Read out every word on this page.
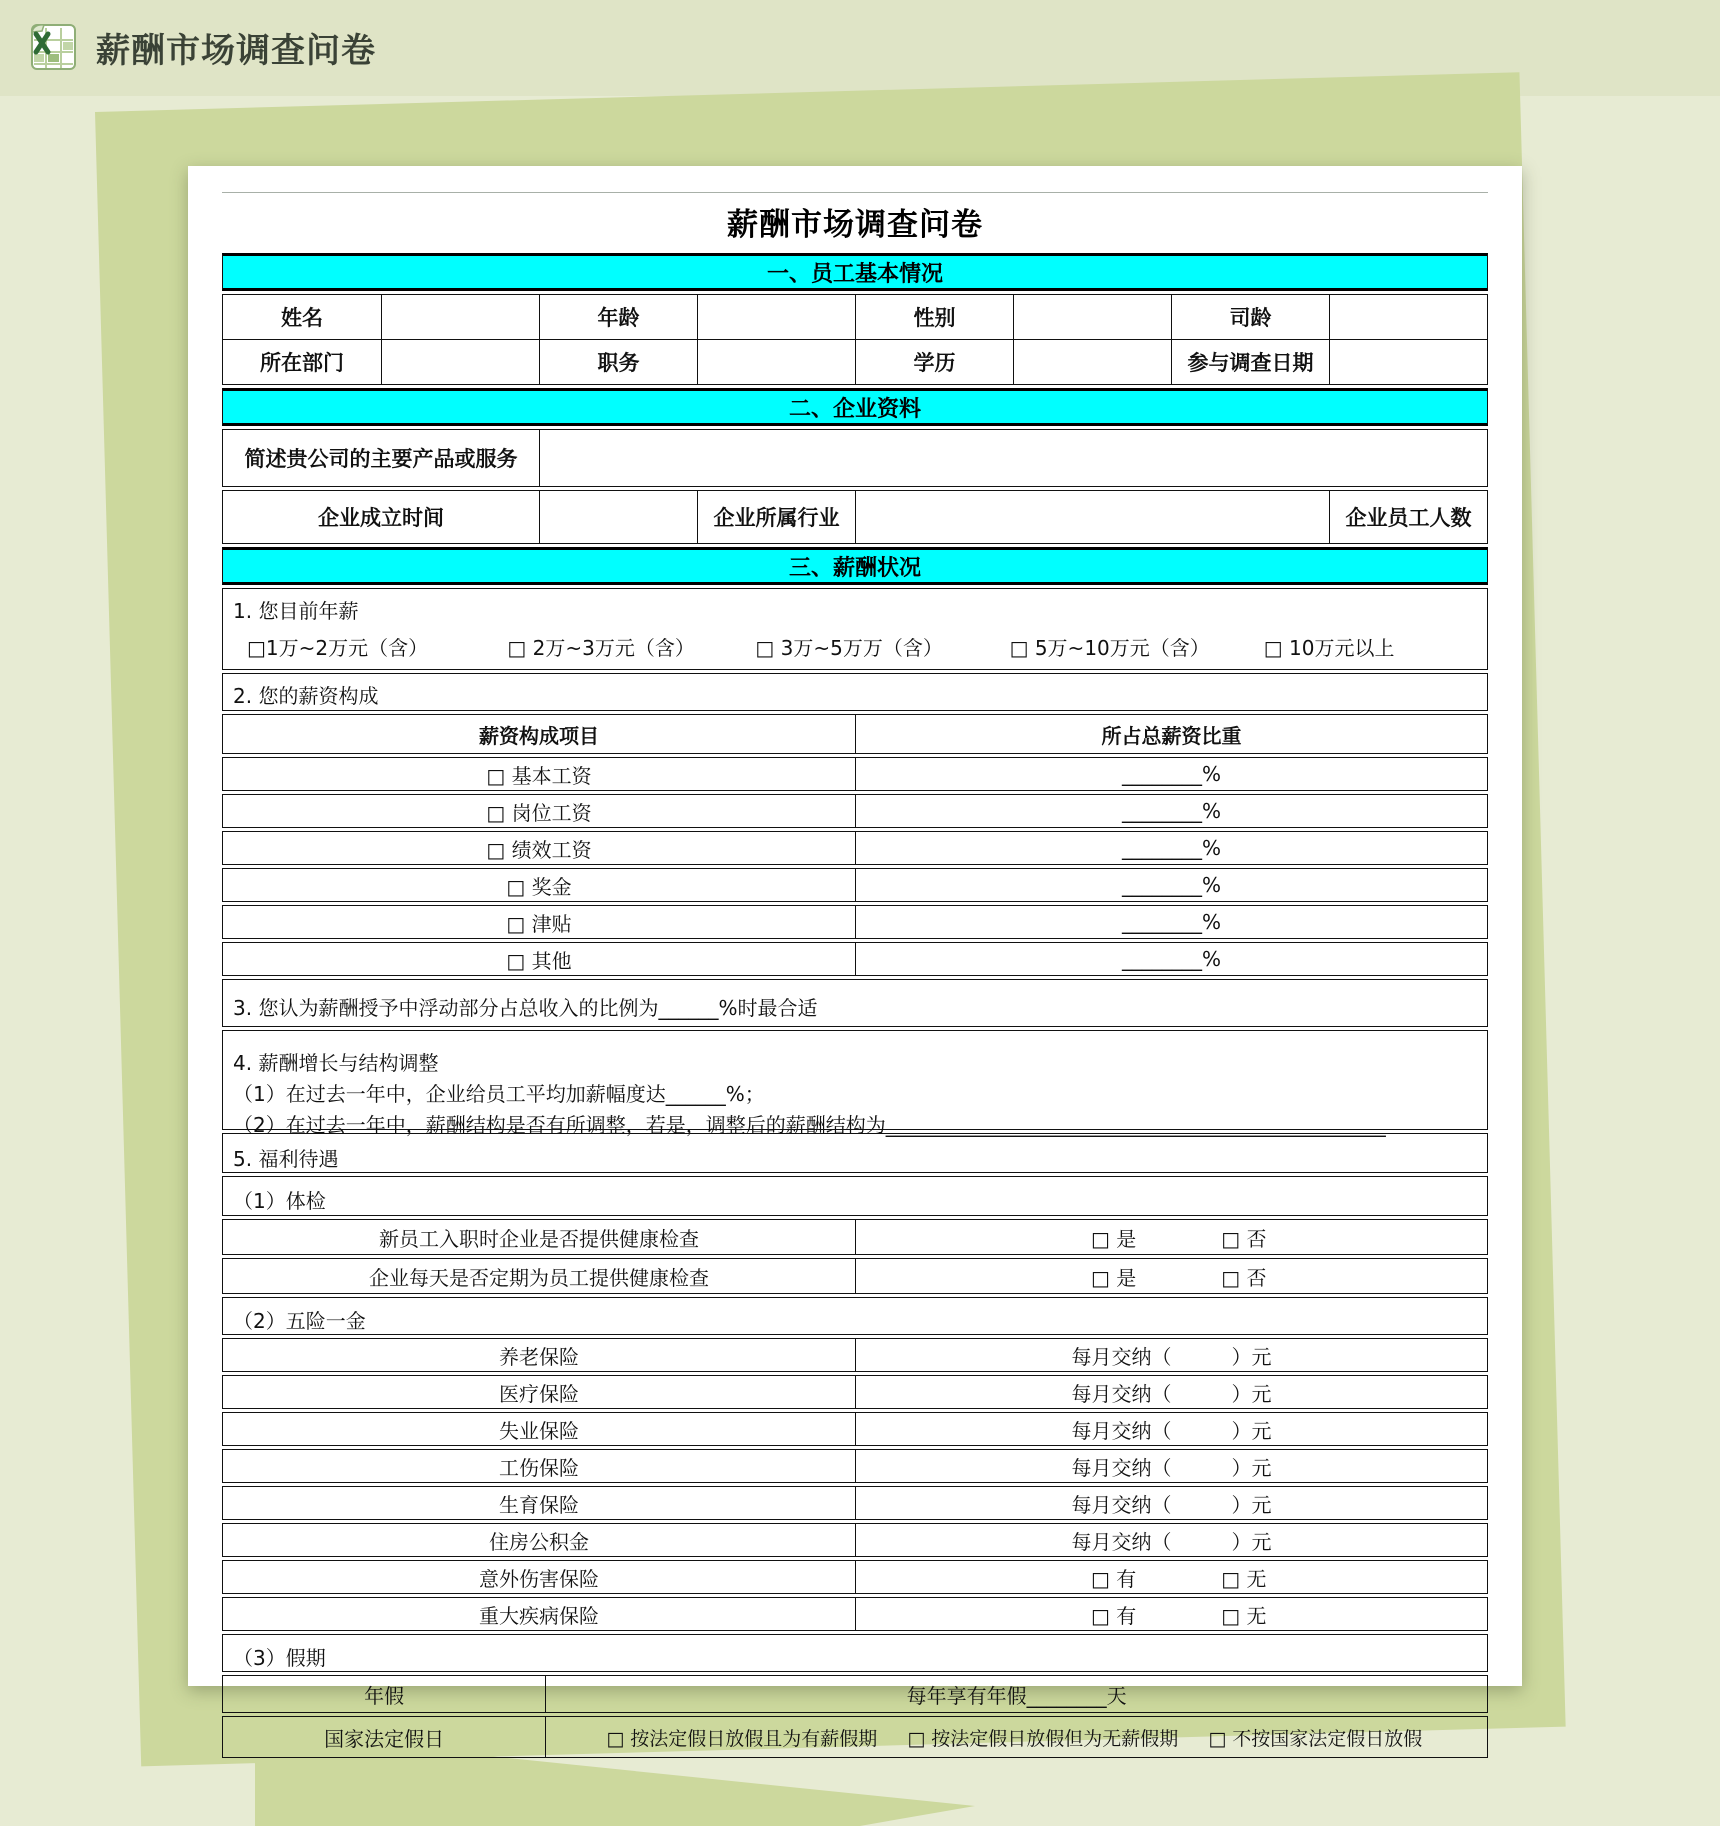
薪酬市场调查问卷
薪酬市场调查问卷
一、员工基本情况
姓名	年龄	性别	司龄
所在部门	职务	学历	参与调查日期
二、企业资料
简述贵公司的主要产品或服务
企业成立时间	企业所属行业	企业员工人数
三、薪酬状况
1. 您目前年薪
□1万~2万元（含）	□ 2万~3万元（含）	□ 3万~5万万（含）	□ 5万~10万元（含）	□ 10万元以上
2. 您的薪资构成
薪资构成项目	所占总薪资比重
□ 基本工资	________%
□ 岗位工资	________%
□ 绩效工资	________%
□ 奖金	________%
□ 津贴	________%
□ 其他	________%
3. 您认为薪酬授予中浮动部分占总收入的比例为______%时最合适
4. 薪酬增长与结构调整
（1）在过去一年中，企业给员工平均加薪幅度达______%；
（2）在过去一年中，薪酬结构是否有所调整，若是，调整后的薪酬结构为__________________________________________________
5. 福利待遇
（1）体检
新员工入职时企业是否提供健康检查	□ 是	□ 否
企业每天是否定期为员工提供健康检查	□ 是	□ 否
（2）五险一金
养老保险	每月交纳（　　　）元
医疗保险	每月交纳（　　　）元
失业保险	每月交纳（　　　）元
工伤保险	每月交纳（　　　）元
生育保险	每月交纳（　　　）元
住房公积金	每月交纳（　　　）元
意外伤害保险	□ 有	□ 无
重大疾病保险	□ 有	□ 无
（3）假期
年假	每年享有年假________天
国家法定假日	□ 按法定假日放假且为有薪假期 □ 按法定假日放假但为无薪假期 □ 不按国家法定假日放假
